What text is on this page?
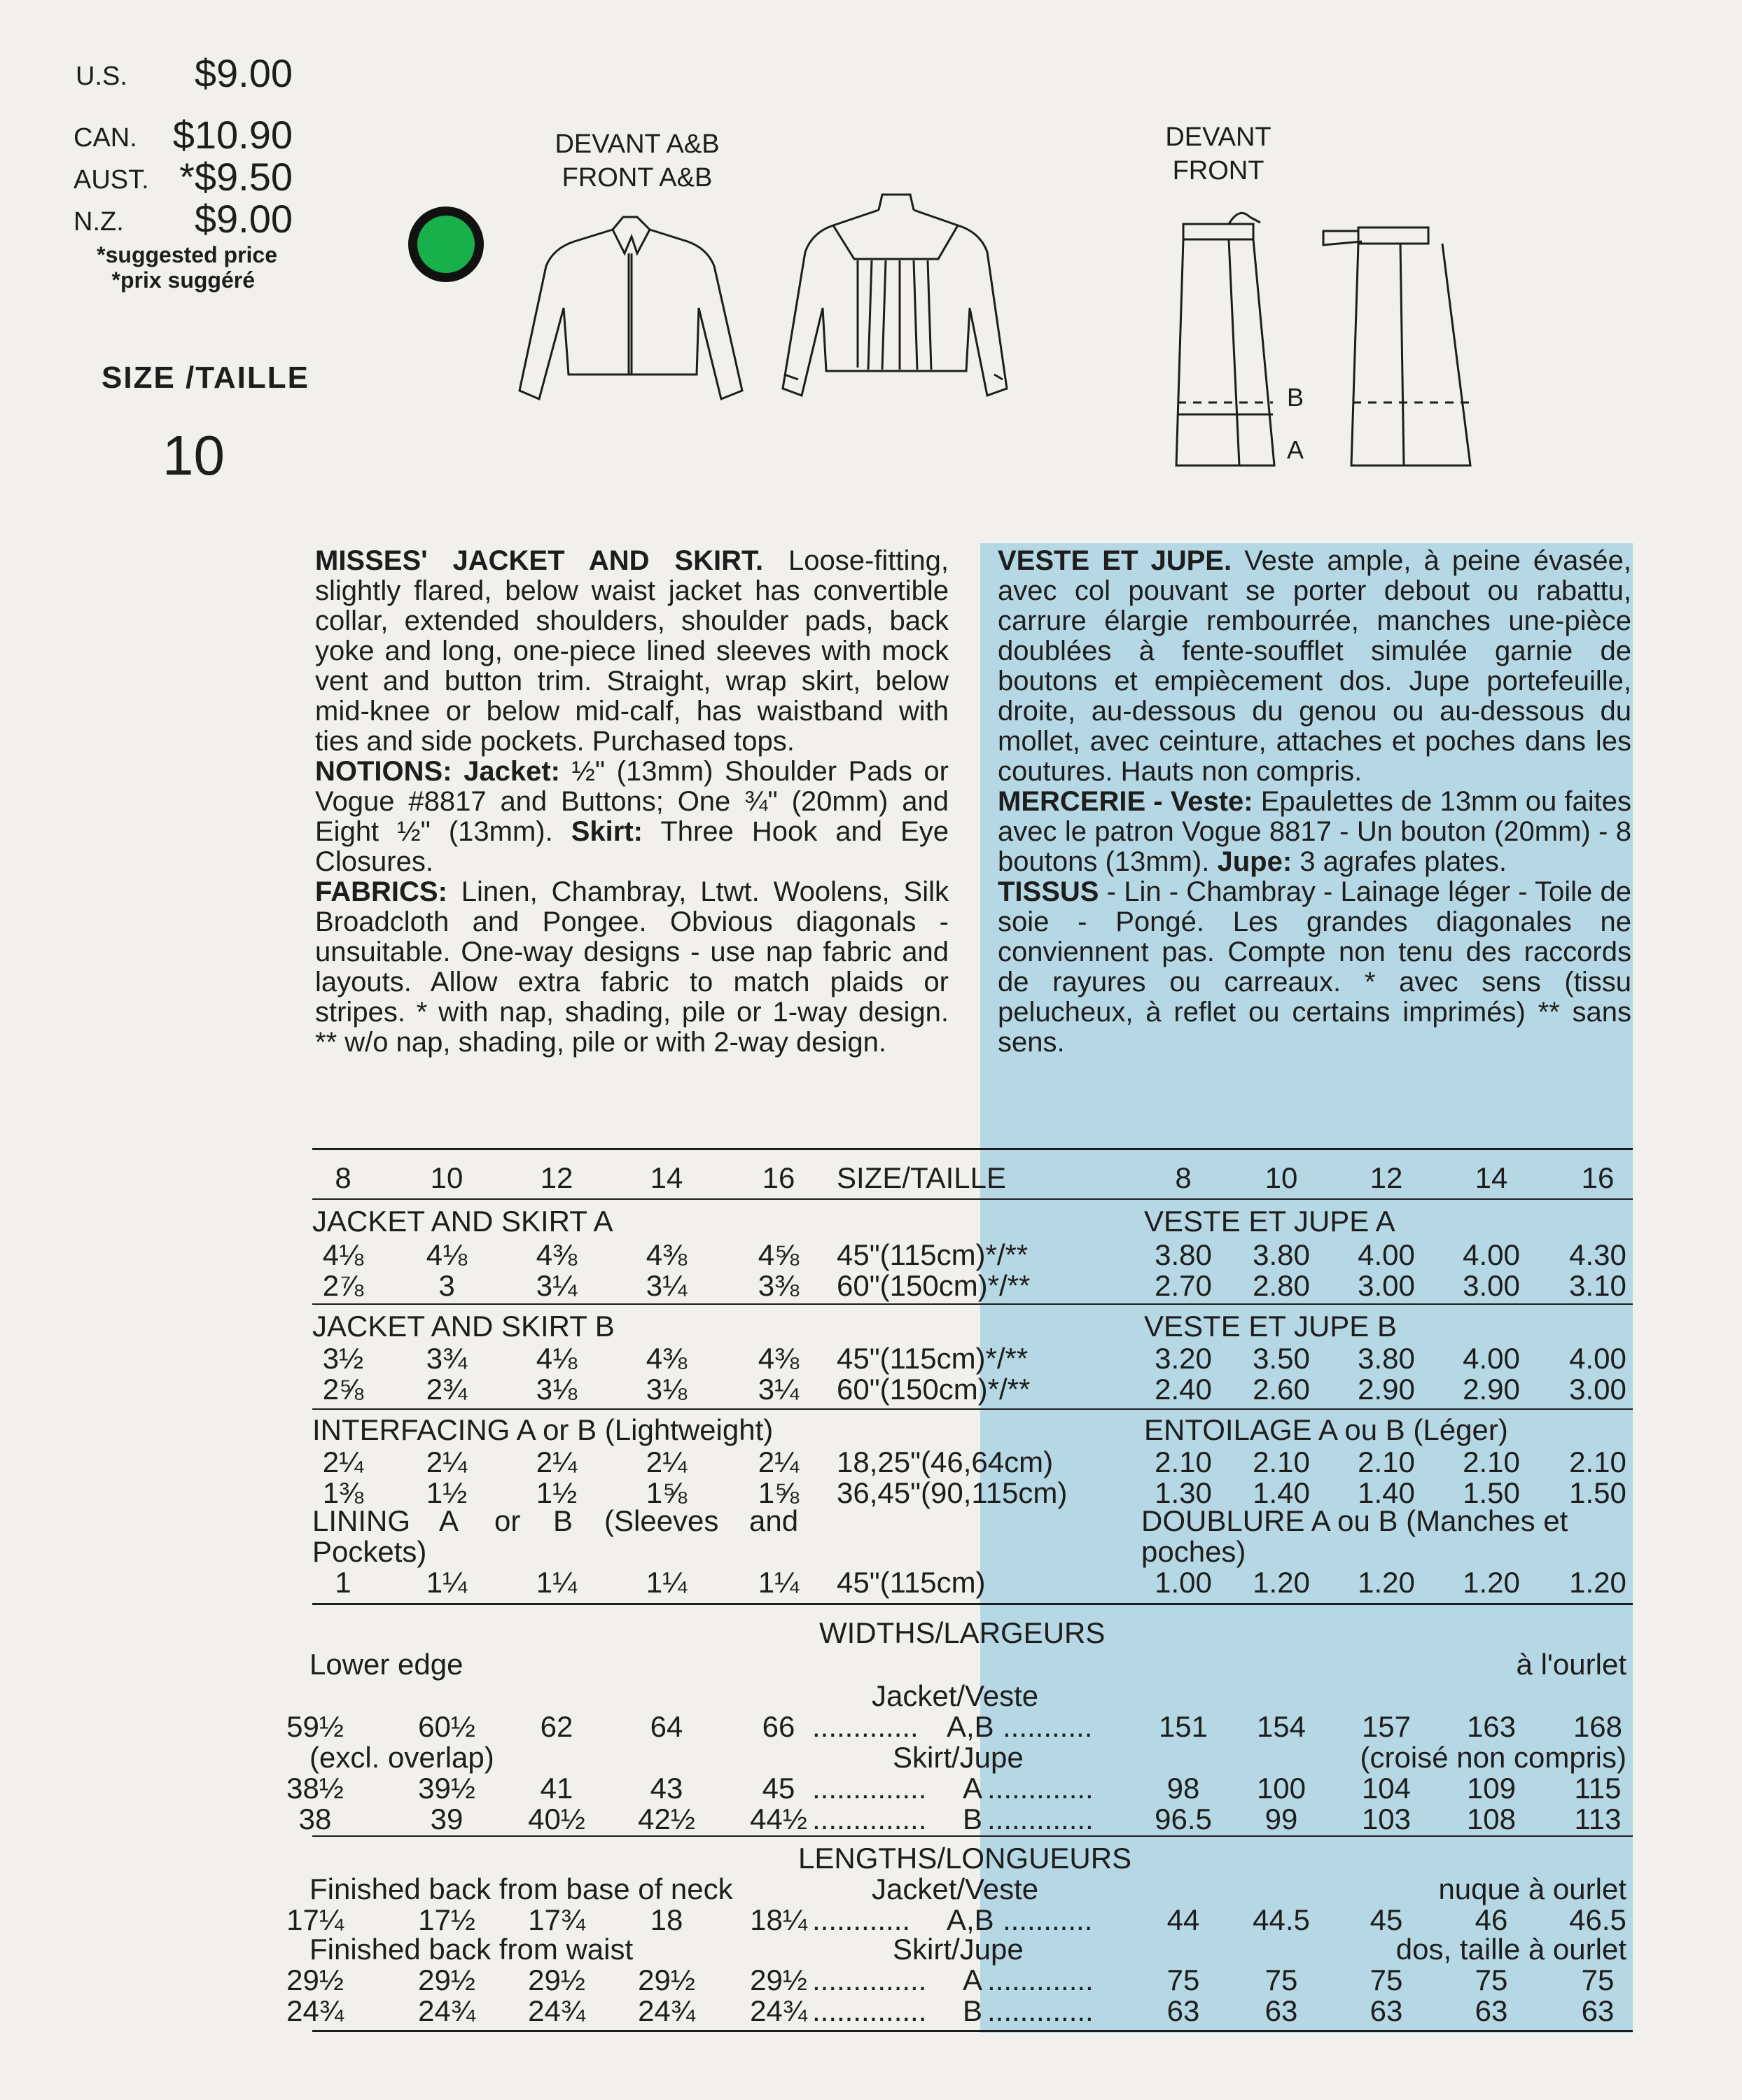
U.S.	$9.00
CAN. $10.90
AUST. *$9.50
N.Z.	$9.00
*suggested price
*prix suggéré
SIZE /TAILLE
10
DEVANT A&B
FRONT A&B
DEVANT
FRONT
B
A

MISSES' JACKET AND SKIRT. Loose-fitting, slightly flared, below waist jacket has convertible collar, extended shoulders, shoulder pads, back yoke and long, one-piece lined sleeves with mock vent and button trim. Straight, wrap skirt, below mid-knee or below mid-calf, has waistband with ties and side pockets. Purchased tops.

NOTIONS: Jacket: ½" (13mm) Shoulder Pads or Vogue #8817 and Buttons; One ¾" (20mm) and Eight ½" (13mm). Skirt: Three Hook and Eye Closures.

FABRICS: Linen, Chambray, Ltwt. Woolens, Silk Broadcloth and Pongee. Obvious diagonals - unsuitable. One-way designs - use nap fabric and layouts. Allow extra fabric to match plaids or stripes. * with nap, shading, pile or 1-way design. ** w/o nap, shading, pile or with 2-way design.

VESTE ET JUPE. Veste ample, à peine évasée, avec col pouvant se porter debout ou rabattu, carrure élargie rembourrée, manches une-pièce doublées à fente-soufflet simulée garnie de boutons et empiècement dos. Jupe portefeuille, droite, au-dessous du genou ou au-dessous du mollet, avec ceinture, attaches et poches dans les coutures. Hauts non compris.

MERCERIE - Veste: Epaulettes de 13mm ou faites avec le patron Vogue 8817 - Un bouton (20mm) - 8 boutons (13mm). Jupe: 3 agrafes plates.

TISSUS - Lin - Chambray - Lainage léger - Toile de soie - Pongé. Les grandes diagonales ne conviennent pas. Compte non tenu des raccords de rayures ou carreaux. * avec sens (tissu pelucheux, à reflet ou certains imprimés) ** sans sens.

8	10	12	14	16	SIZE/TAILLE	8	10	12	14	16
JACKET AND SKIRT A	VESTE ET JUPE A
4⅛	4⅛	4⅜	4⅜	4⅝	45"(115cm)*/**	3.80	3.80	4.00	4.00	4.30
2⅞	3	3¼	3¼	3⅜	60"(150cm)*/**	2.70	2.80	3.00	3.00	3.10
JACKET AND SKIRT B	VESTE ET JUPE B
3½	3¾	4⅛	4⅜	4⅜	45"(115cm)*/**	3.20	3.50	3.80	4.00	4.00
2⅝	2¾	3⅛	3⅛	3¼	60"(150cm)*/**	2.40	2.60	2.90	2.90	3.00
INTERFACING A or B (Lightweight)	ENTOILAGE A ou B (Léger)
2¼	2¼	2¼	2¼	2¼	18,25"(46,64cm)	2.10	2.10	2.10	2.10	2.10
1⅜	1½	1½	1⅝	1⅝	36,45"(90,115cm)	1.30	1.40	1.40	1.50	1.50
LINING A or B (Sleeves and	DOUBLURE A ou B (Manches et
Pockets)	poches)
1	1¼	1¼	1¼	1¼	45"(115cm)	1.00	1.20	1.20	1.20	1.20
WIDTHS/LARGEURS
Lower edge	à l'ourlet
Jacket/Veste
59½	60½	62	64	66 ............. A,B ...........	151	154	157	163	168
(excl. overlap)	Skirt/Jupe	(croisé non compris)
38½	39½	41	43	45 .............. A .............	98	100	104	109	115
38	39	40½	42½	44½ .............. B .............	96.5	99	103	108	113
LENGTHS/LONGUEURS
Finished back from base of neck	Jacket/Veste	nuque à ourlet
17¼	17½	17¾	18	18¼ ............ A,B ...........	44	44.5	45	46	46.5
Finished back from waist	Skirt/Jupe	dos, taille à ourlet
29½	29½	29½	29½	29½ .............. A .............	75	75	75	75	75
24¾	24¾	24¾	24¾	24¾ .............. B .............	63	63	63	63	63
